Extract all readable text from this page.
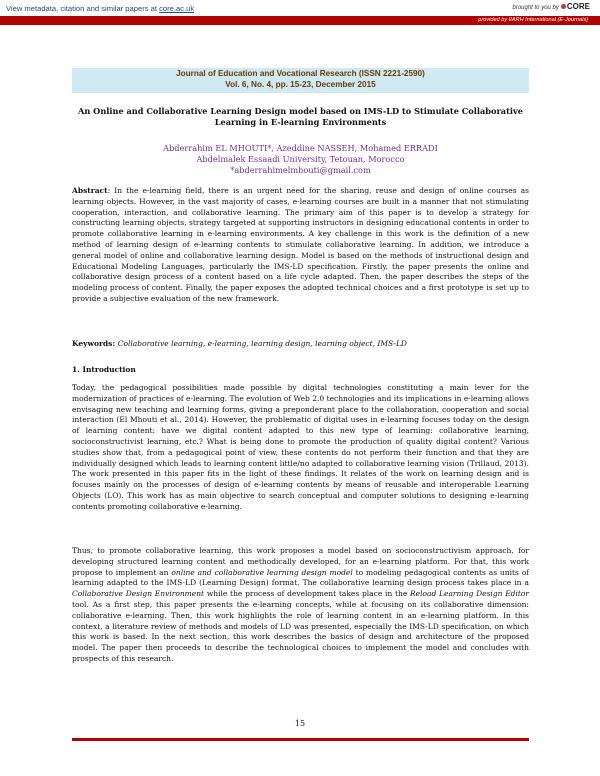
View metadata, citation and similar papers at core.ac.uk	brought to you by CORE
provided by IIARH International (E-Journals)
Journal of Education and Vocational Research (ISSN 2221-2590)
Vol. 6, No. 4, pp. 15-23, December 2015
An Online and Collaborative Learning Design model based on IMS-LD to Stimulate Collaborative Learning in E-learning Environments
Abderrahim EL MHOUTI*, Azeddine NASSEH, Mohamed ERRADI
Abdelmalek Essaadi University, Tetouan, Morocco
*abderrahimelmhouti@gmail.com
Abstract: In the e-learning field, there is an urgent need for the sharing, reuse and design of online courses as learning objects. However, in the vast majority of cases, e-learning courses are built in a manner that not stimulating cooperation, interaction, and collaborative learning. The primary aim of this paper is to develop a strategy for constructing learning objects, strategy targeted at supporting instructors in designing educational contents in order to promote collaborative learning in e-learning environments. A key challenge in this work is the definition of a new method of learning design of e-learning contents to stimulate collaborative learning. In addition, we introduce a general model of online and collaborative learning design. Model is based on the methods of instructional design and Educational Modeling Languages, particularly the IMS-LD specification. Firstly, the paper presents the online and collaborative design process of a content based on a life cycle adapted. Then, the paper describes the steps of the modeling process of content. Finally, the paper exposes the adopted technical choices and a first prototype is set up to provide a subjective evaluation of the new framework.
Keywords: Collaborative learning, e-learning, learning design, learning object, IMS-LD
1. Introduction
Today, the pedagogical possibilities made possible by digital technologies constituting a main lever for the modernization of practices of e-learning. The evolution of Web 2.0 technologies and its implications in e-learning allows envisaging new teaching and learning forms, giving a preponderant place to the collaboration, cooperation and social interaction (El Mhouti et al., 2014). However, the problematic of digital uses in e-learning focuses today on the design of learning content: have we digital content adapted to this new type of learning: collaborative learning, socioconstructivist learning, etc.? What is being done to promote the production of quality digital content? Various studies show that, from a pedagogical point of view, these contents do not perform their function and that they are individually designed which leads to learning content little/no adapted to collaborative learning vision (Trillaud, 2013). The work presented in this paper fits in the light of these findings. It relates of the work on learning design and is focuses mainly on the processes of design of e-learning contents by means of reusable and interoperable Learning Objects (LO). This work has as main objective to search conceptual and computer solutions to designing e-learning contents promoting collaborative e-learning.
Thus, to promote collaborative learning, this work proposes a model based on socioconstructivism approach, for developing structured learning content and methodically developed, for an e-learning platform. For that, this work propose to implement an online and collaborative learning design model to modeling pedagogical contents as units of learning adapted to the IMS-LD (Learning Design) format. The collaborative learning design process takes place in a Collaborative Design Environment while the process of development takes place in the Reload Learning Design Editor tool. As a first step, this paper presents the e-learning concepts, while at focusing on its collaborative dimension: collaborative e-learning. Then, this work highlights the role of learning content in an e-learning platform. In this context, a literature review of methods and models of LD was presented, especially the IMS-LD specification, on which this work is based. In the next section, this work describes the basics of design and architecture of the proposed model. The paper then proceeds to describe the technological choices to implement the model and concludes with prospects of this research.
15
